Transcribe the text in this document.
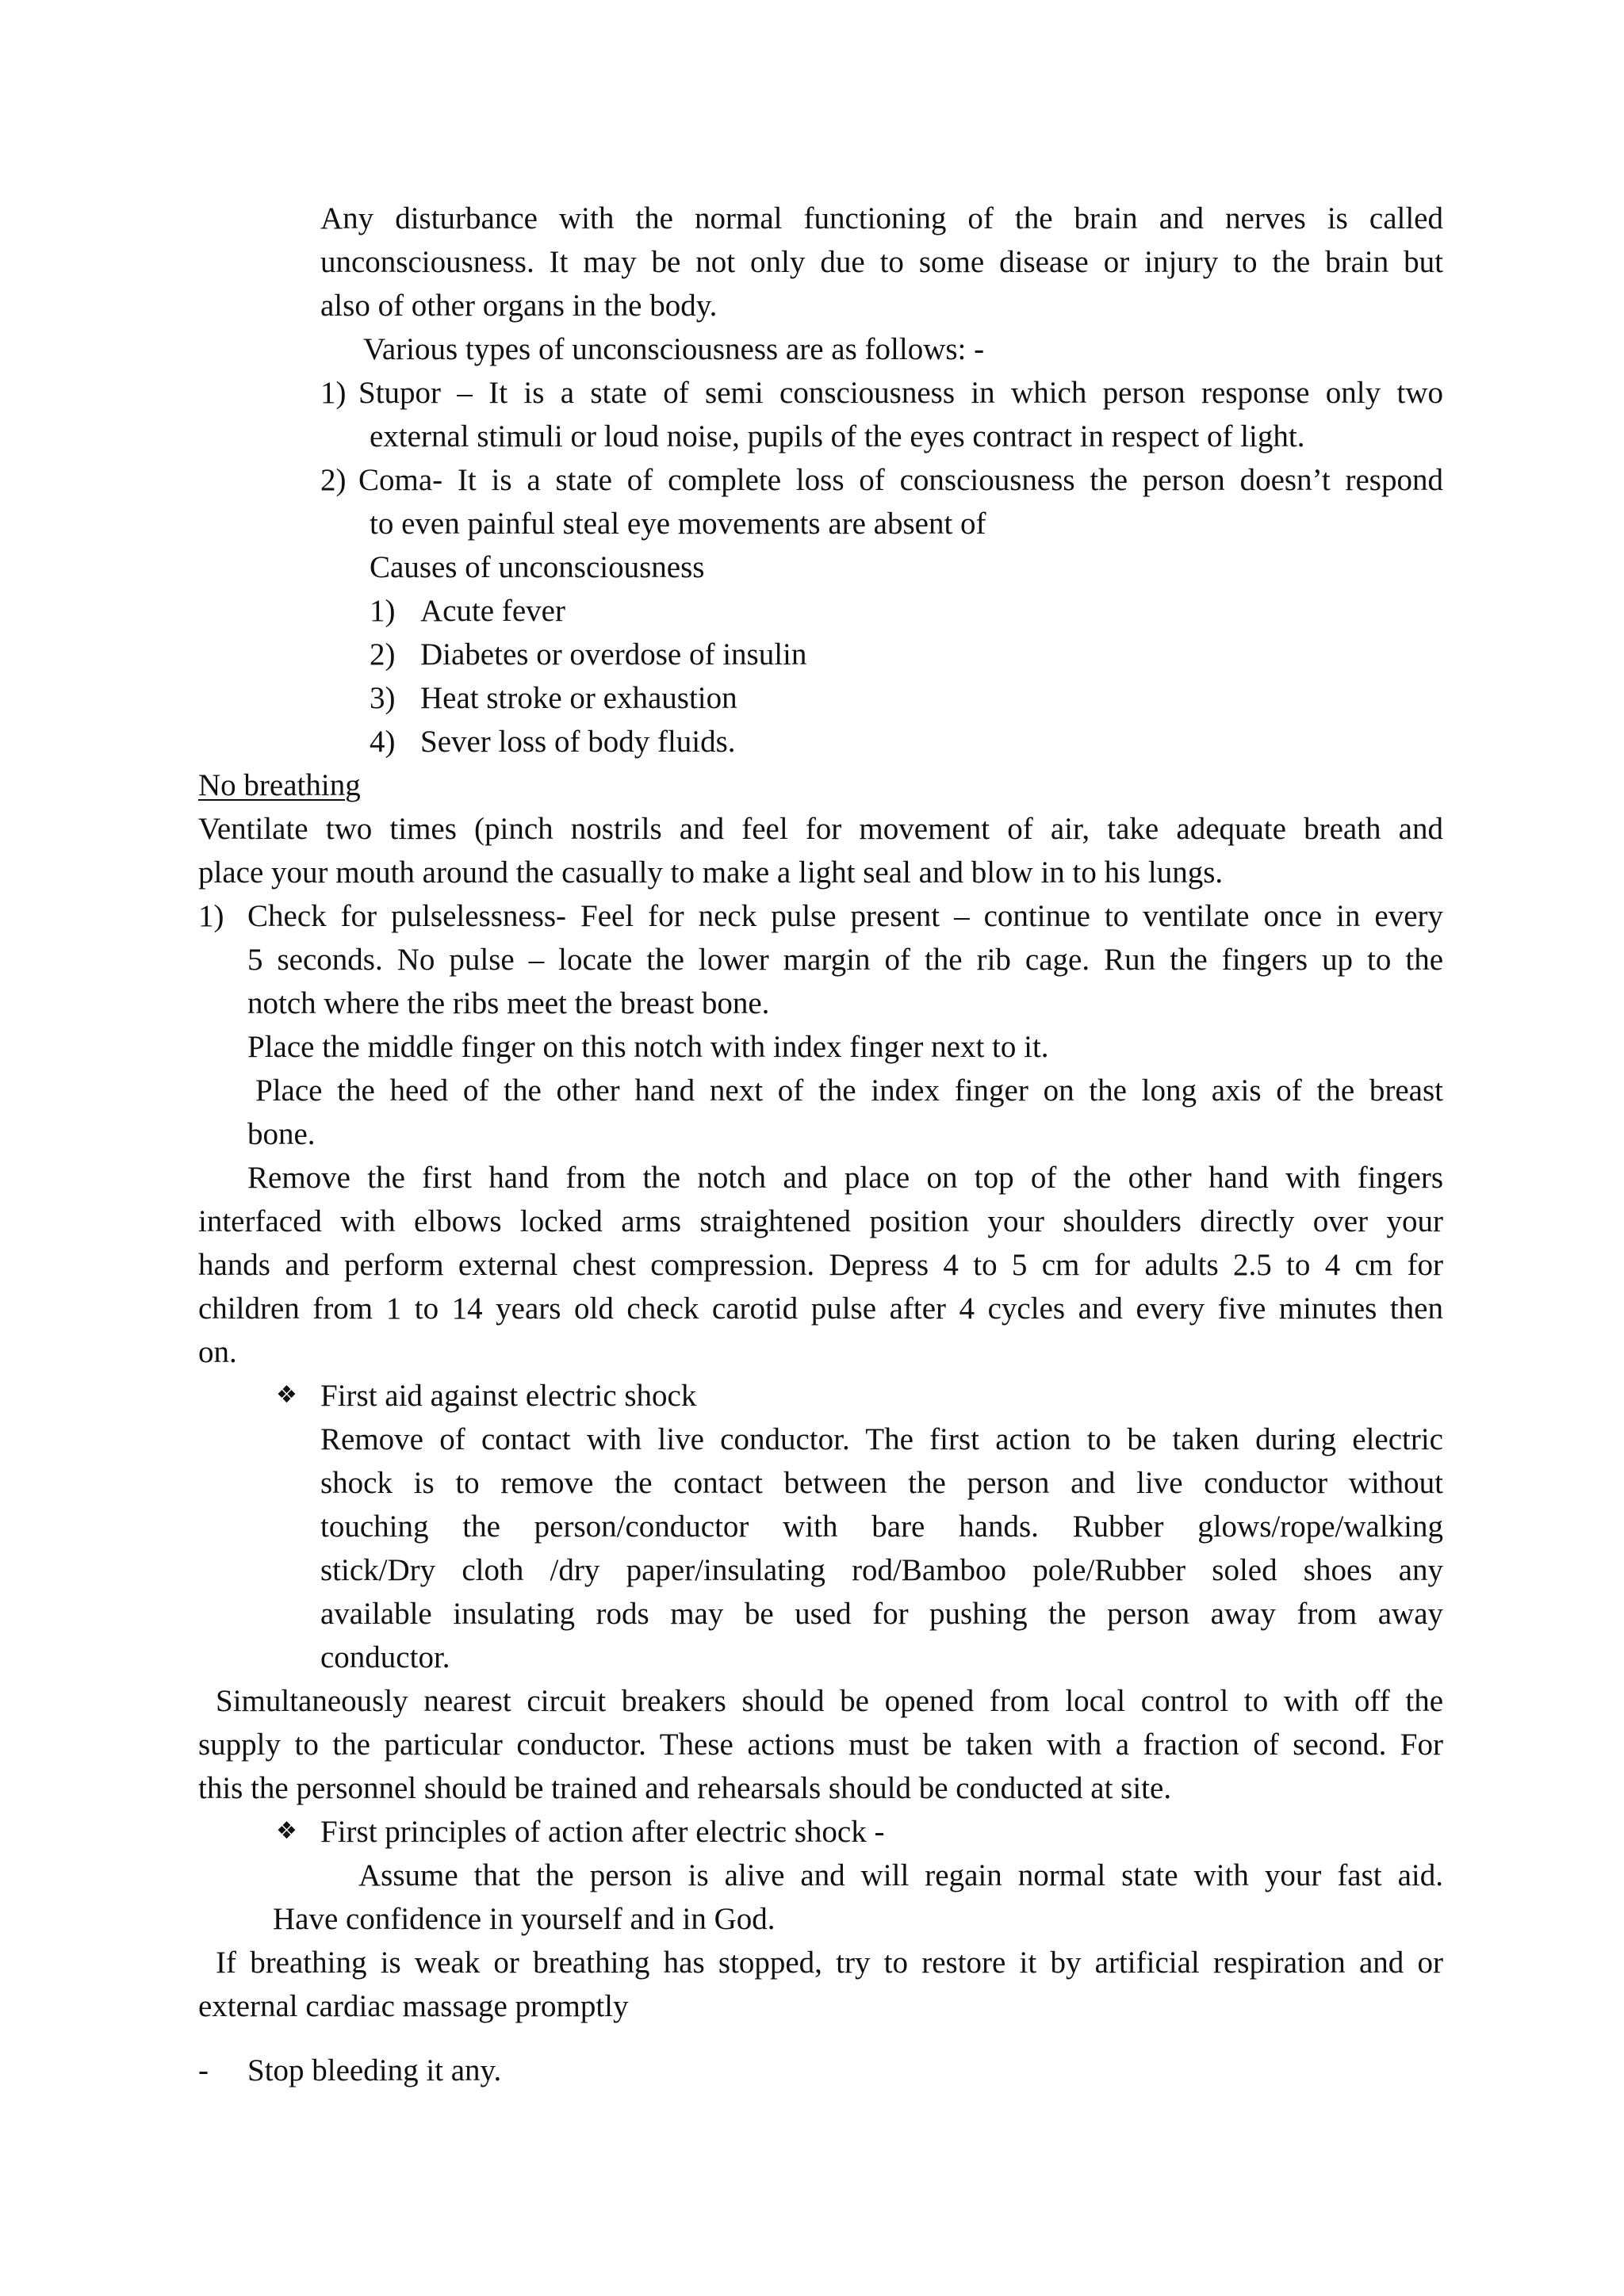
Any disturbance with the normal functioning of the brain and nerves is called
unconsciousness. It may be not only due to some disease or injury to the brain but
also of other organs in the body.
Various types of unconsciousness are as follows: -
1) Stupor – It is a state of semi consciousness in which person response only two
external stimuli or loud noise, pupils of the eyes contract in respect of light.
2) Coma- It is a state of complete loss of consciousness the person doesn’t respond
to even painful steal eye movements are absent of
Causes of unconsciousness
1) Acute fever
2) Diabetes or overdose of insulin
3) Heat stroke or exhaustion
4) Sever loss of body fluids.
No breathing
Ventilate two times (pinch nostrils and feel for movement of air, take adequate breath and
place your mouth around the casually to make a light seal and blow in to his lungs.
1) Check for pulselessness- Feel for neck pulse present – continue to ventilate once in every
5 seconds. No pulse – locate the lower margin of the rib cage. Run the fingers up to the
notch where the ribs meet the breast bone.
Place the middle finger on this notch with index finger next to it.
Place the heed of the other hand next of the index finger on the long axis of the breast
bone.
Remove the first hand from the notch and place on top of the other hand with fingers
interfaced with elbows locked arms straightened position your shoulders directly over your
hands and perform external chest compression. Depress 4 to 5 cm for adults 2.5 to 4 cm for
children from 1 to 14 years old check carotid pulse after 4 cycles and every five minutes then
on.
❖ First aid against electric shock
Remove of contact with live conductor. The first action to be taken during electric
shock is to remove the contact between the person and live conductor without
touching the person/conductor with bare hands. Rubber glows/rope/walking
stick/Dry cloth /dry paper/insulating rod/Bamboo pole/Rubber soled shoes any
available insulating rods may be used for pushing the person away from away
conductor.
Simultaneously nearest circuit breakers should be opened from local control to with off the
supply to the particular conductor. These actions must be taken with a fraction of second. For
this the personnel should be trained and rehearsals should be conducted at site.
❖ First principles of action after electric shock -
Assume that the person is alive and will regain normal state with your fast aid.
Have confidence in yourself and in God.
If breathing is weak or breathing has stopped, try to restore it by artificial respiration and or
external cardiac massage promptly
- Stop bleeding it any.
